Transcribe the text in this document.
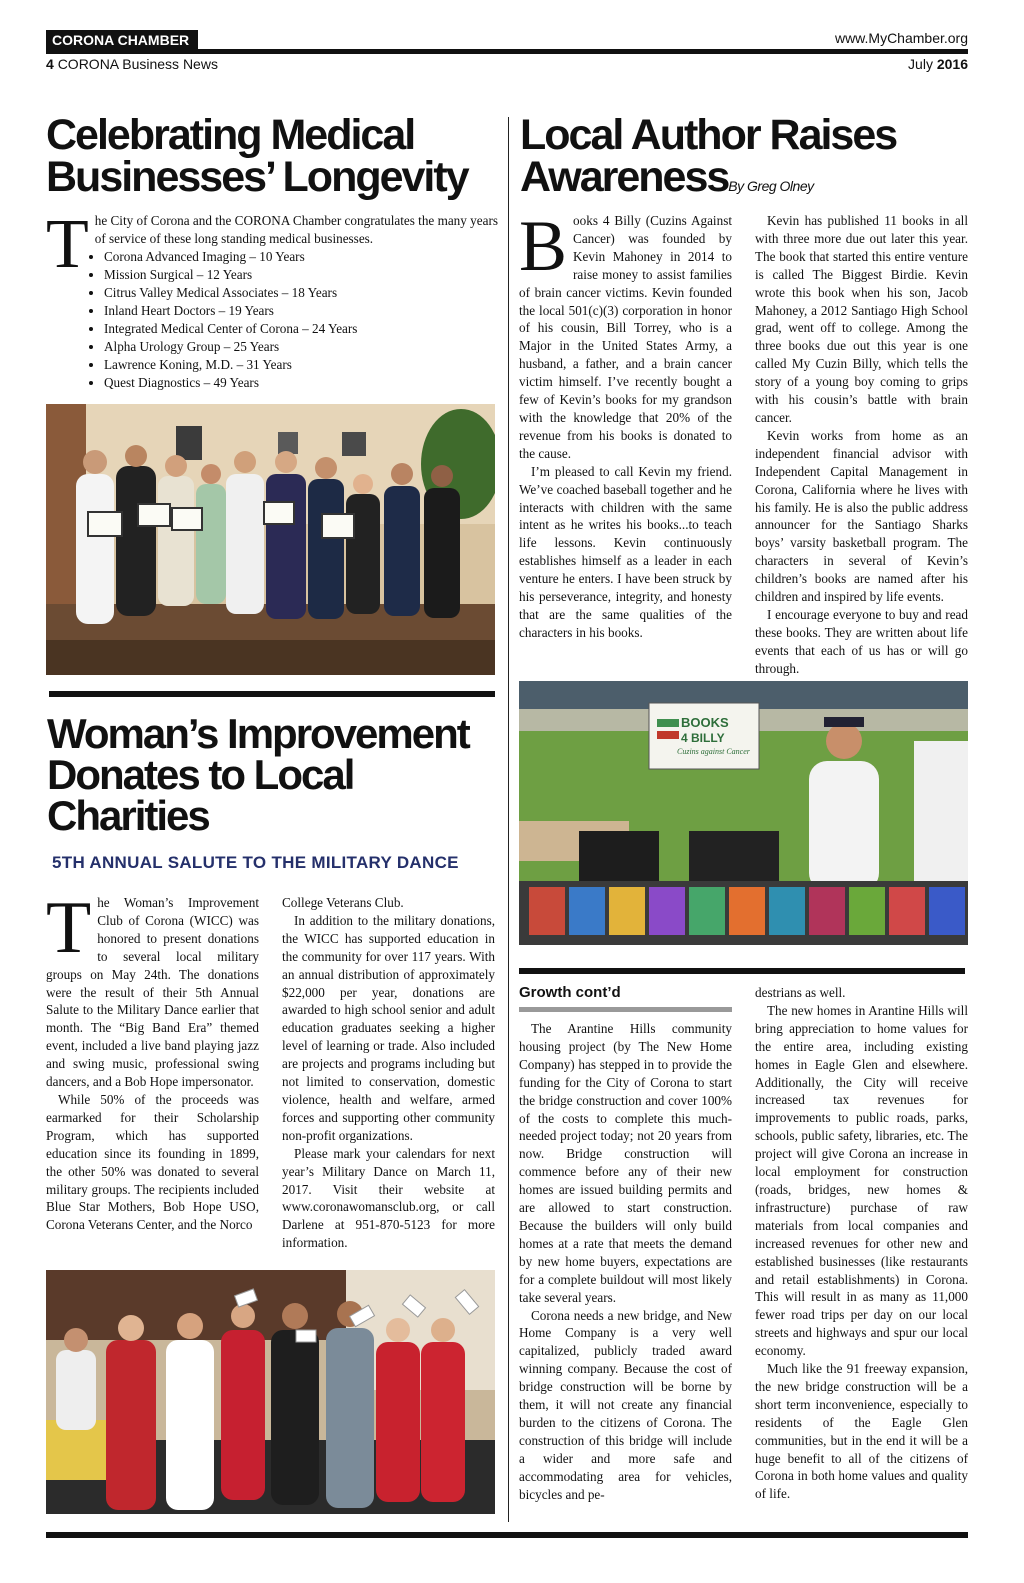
CORONA CHAMBER	www.MyChamber.org
4 CORONA Business News	July 2016
Celebrating Medical
Businesses’ Longevity
T he City of Corona and the CORONA Chamber congratulates the many years of service of these long standing medical businesses.

• Corona Advanced Imaging – 10 Years
• Mission Surgical – 12 Years
• Citrus Valley Medical Associates – 18 Years
• Inland Heart Doctors – 19 Years
• Integrated Medical Center of Corona – 24 Years
• Alpha Urology Group – 25 Years
• Lawrence Koning, M.D. – 31 Years
• Quest Diagnostics – 49 Years
Local Author Raises
AwarenessBy Greg Olney
B ooks 4 Billy (Cuzins Against Cancer) was founded by Kevin Mahoney in 2014 to raise money to assist families of brain cancer victims. Kevin founded the local 501(c)(3) corporation in honor of his cousin, Bill Torrey, who is a Major in the United States Army, a husband, a father, and a brain cancer victim himself. I’ve recently bought a few of Kevin’s books for my grandson with the knowledge that 20% of the revenue from his books is donated to the cause.

I’m pleased to call Kevin my friend. We’ve coached baseball together and he interacts with children with the same intent as he writes his books...to teach life lessons. Kevin continuously establishes himself as a leader in each venture he enters. I have been struck by his perseverance, integrity, and honesty that are the same qualities of the characters in his books.

Kevin has published 11 books in all with three more due out later this year. The book that started this entire venture is called The Biggest Birdie. Kevin wrote this book when his son, Jacob Mahoney, a 2012 Santiago High School grad, went off to college. Among the three books due out this year is one called My Cuzin Billy, which tells the story of a young boy coming to grips with his cousin’s battle with brain cancer.

Kevin works from home as an independent financial advisor with Independent Capital Management in Corona, California where he lives with his family. He is also the public address announcer for the Santiago Sharks boys’ varsity basketball program. The characters in several of Kevin’s children’s books are named after his children and inspired by life events.

I encourage everyone to buy and read these books. They are written about life events that each of us has or will go through.

BOOKS
4 BILLY
Cuzins against Cancer
Woman’s Improvement
Donates to Local
Charities
5TH ANNUAL SALUTE TO THE MILITARY DANCE
T he Woman’s Improvement Club of Corona (WICC) was honored to present donations to several local military groups on May 24th. The donations were the result of their 5th Annual Salute to the Military Dance earlier that month. The “Big Band Era” themed event, included a live band playing jazz and swing music, professional swing dancers, and a Bob Hope impersonator.

While 50% of the proceeds was earmarked for their Scholarship Program, which has supported education since its founding in 1899, the other 50% was donated to several military groups. The recipients included Blue Star Mothers, Bob Hope USO, Corona Veterans Center, and the Norco

College Veterans Club.

In addition to the military donations, the WICC has supported education in the community for over 117 years. With an annual distribution of approximately $22,000 per year, donations are awarded to high school senior and adult education graduates seeking a higher level of learning or trade. Also included are projects and programs including but not limited to conservation, domestic violence, health and welfare, armed forces and supporting other community non-profit organizations.

Please mark your calendars for next year’s Military Dance on March 11, 2017. Visit their website at www.coronawomansclub.org, or call Darlene at 951-870-5123 for more information.

Growth cont’d

The Arantine Hills community housing project (by The New Home Company) has stepped in to provide the funding for the City of Corona to start the bridge construction and cover 100% of the costs to complete this much-needed project today; not 20 years from now. Bridge construction will commence before any of their new homes are issued building permits and are allowed to start construction. Because the builders will only build homes at a rate that meets the demand by new home buyers, expectations are for a complete buildout will most likely take several years.

Corona needs a new bridge, and New Home Company is a very well capitalized, publicly traded award winning company. Because the cost of bridge construction will be borne by them, it will not create any financial burden to the citizens of Corona. The construction of this bridge will include a wider and more safe and accommodating area for vehicles, bicycles and pe-

destrians as well.

The new homes in Arantine Hills will bring appreciation to home values for the entire area, including existing homes in Eagle Glen and elsewhere. Additionally, the City will receive increased tax revenues for improvements to public roads, parks, schools, public safety, libraries, etc. The project will give Corona an increase in local employment for construction (roads, bridges, new homes & infrastructure) purchase of raw materials from local companies and increased revenues for other new and established businesses (like restaurants and retail establishments) in Corona. This will result in as many as 11,000 fewer road trips per day on our local streets and highways and spur our local economy.

Much like the 91 freeway expansion, the new bridge construction will be a short term inconvenience, especially to residents of the Eagle Glen communities, but in the end it will be a huge benefit to all of the citizens of Corona in both home values and quality of life.
